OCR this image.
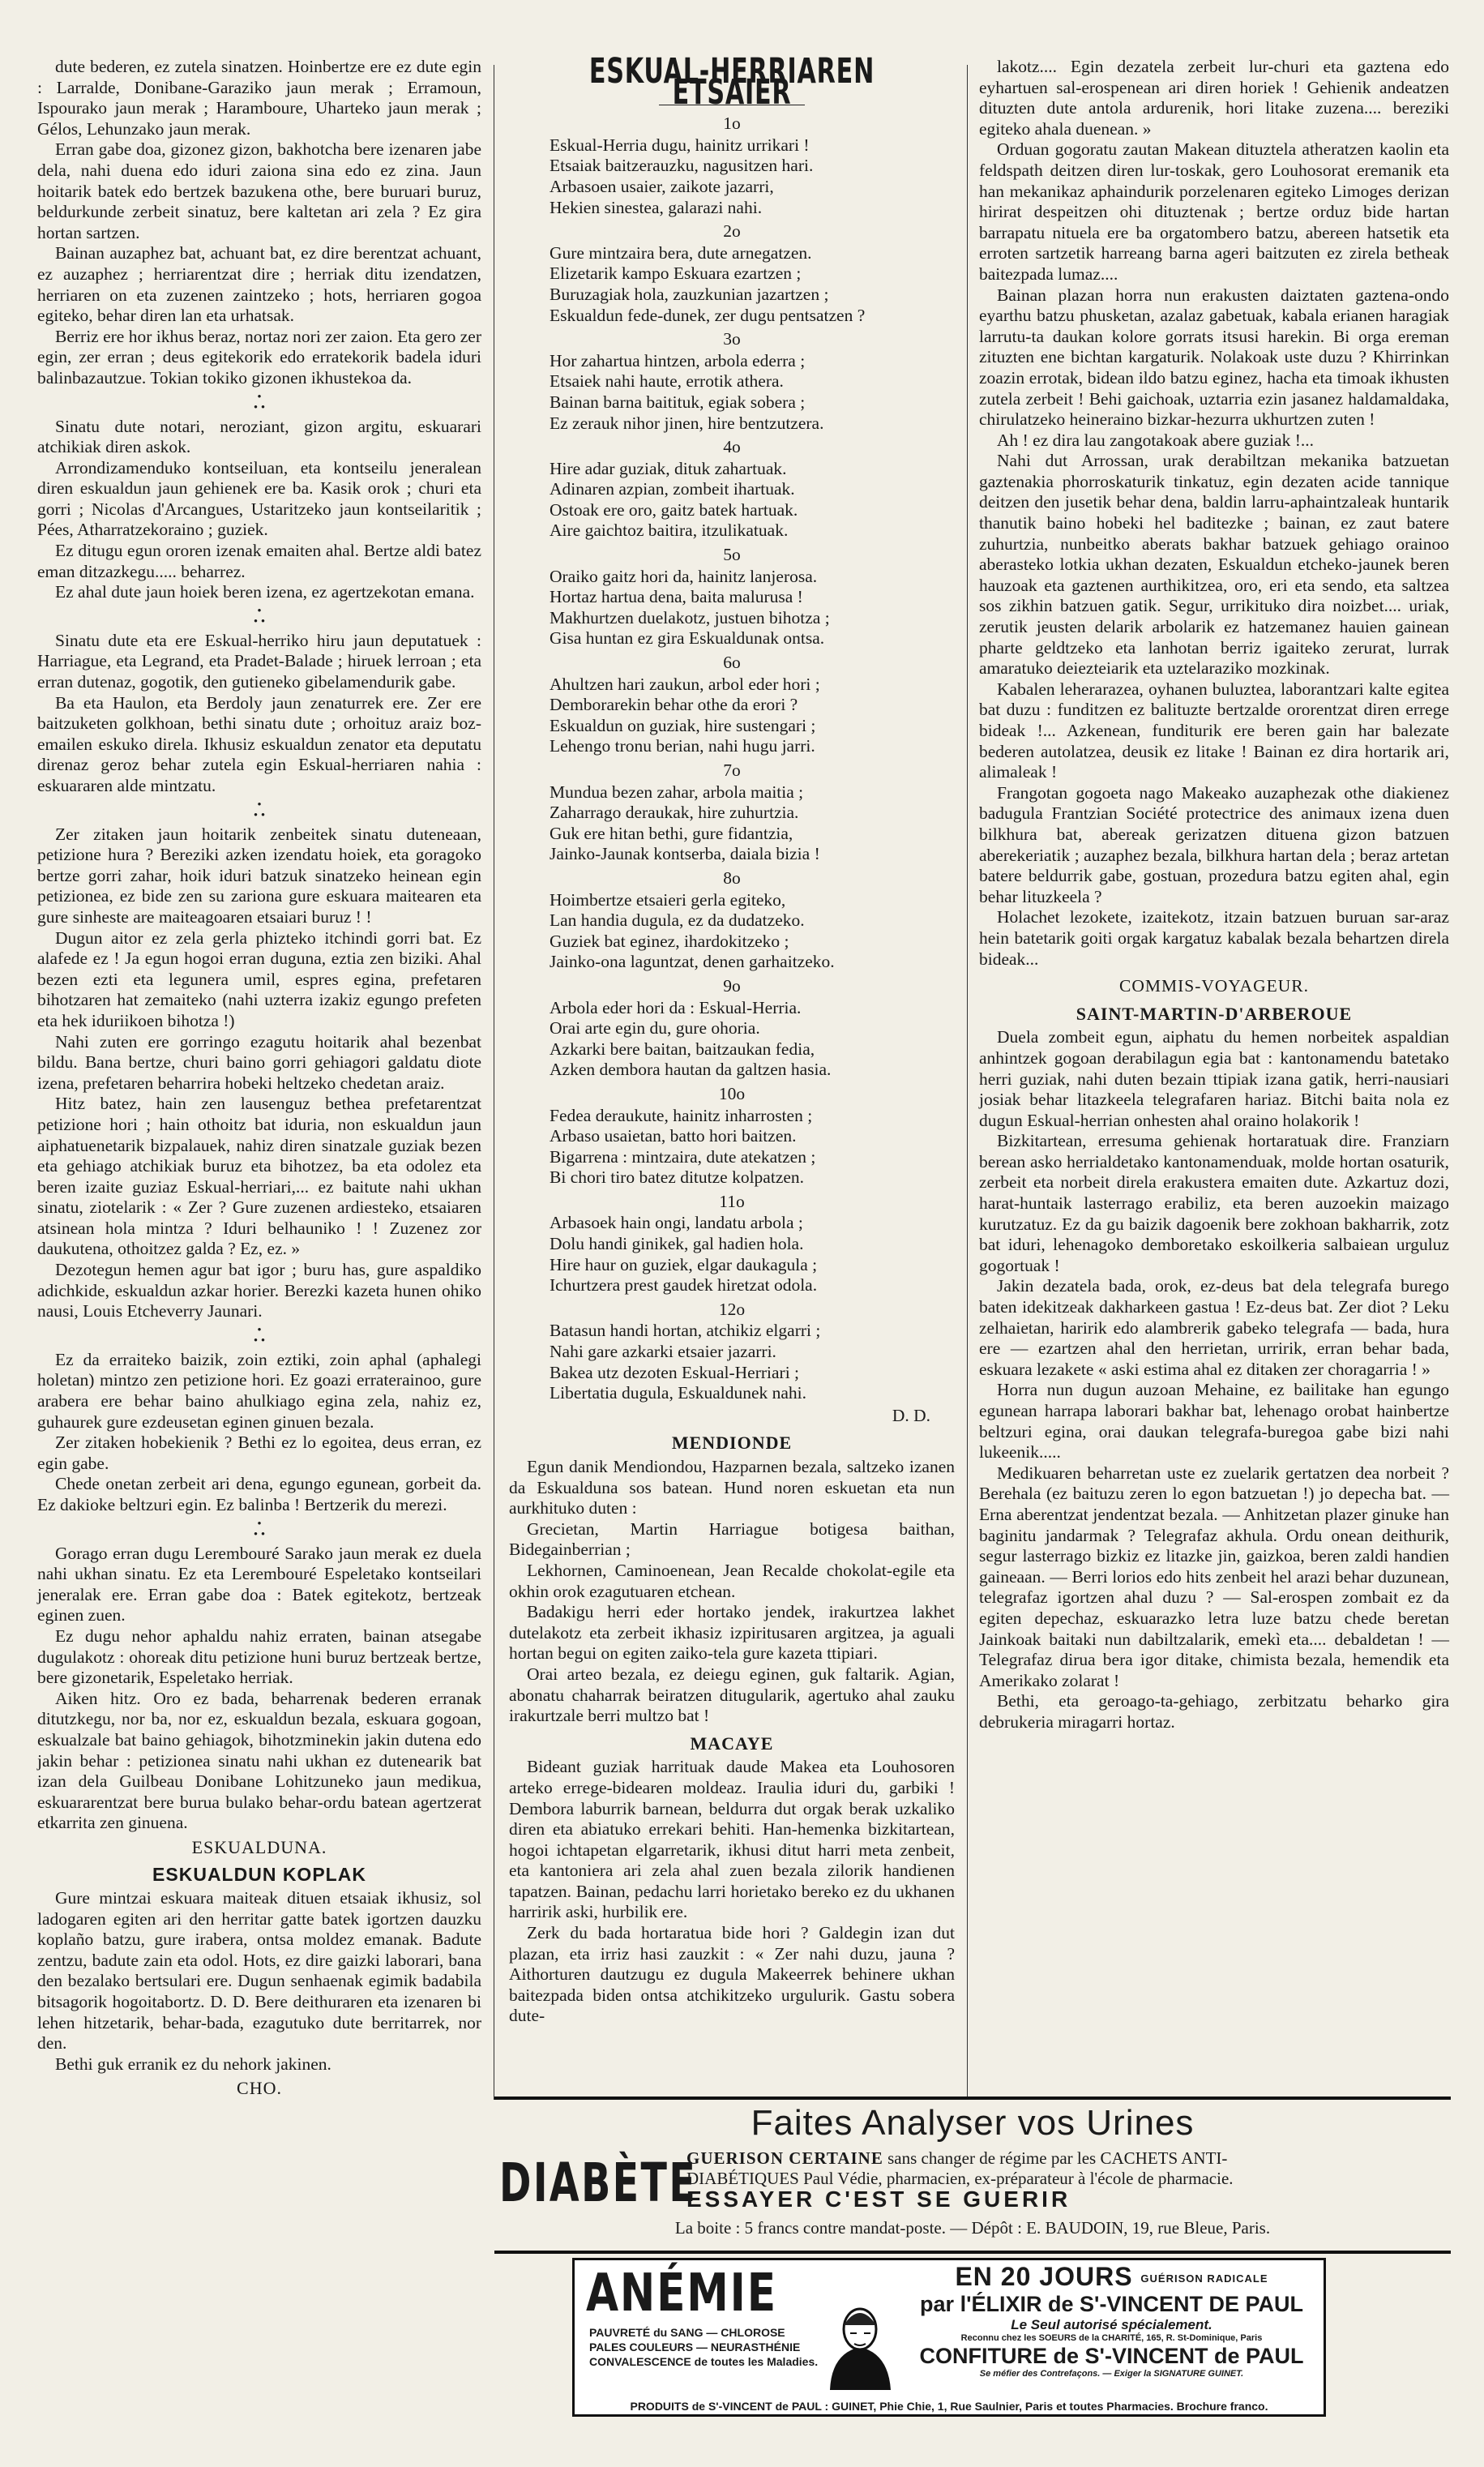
dute bederen, ez zutela sinatzen. Hoinbertze ere ez dute egin : Larralde, Donibane-Garaziko jaun merak ; Erramoun, Ispourako jaun merak ; Haramboure, Uharteko jaun merak ; Gélos, Lehunzako jaun merak.

Erran gabe doa, gizonez gizon, bakhotcha bere izenaren jabe dela, nahi duena edo iduri zaiona sina edo ez zina. Jaun hoitarik batek edo bertzek bazukena othe, bere buruari buruz, beldurkunde zerbeit sinatuz, bere kaltetan ari zela ? Ez gira hortan sartzen.

Bainan auzaphez bat, achuant bat, ez dire berentzat achuant, ez auzaphez ; herriarentzat dire ; herriak ditu izendatzen, herriaren on eta zuzenen zaintzeko ; hots, herriaren gogoa egiteko, behar diren lan eta urhatsak.

Berriz ere hor ikhus beraz, nortaz nori zer zaion. Eta gero zer egin, zer erran ; deus egitekorik edo erratekorik badela iduri balinbazautzue. Tokian tokiko gizonen ikhustekoa da.

•
• •

Sinatu dute notari, neroziant, gizon argitu, eskuarari atchikiak diren askok.

Arrondizamenduko kontseiluan, eta kontseilu jeneralean diren eskualdun jaun gehienek ere ba. Kasik orok ; churi eta gorri ; Nicolas d'Arcangues, Ustaritzeko jaun kontseilaritik ; Pées, Atharratzekoraino ; guziek.

Ez ditugu egun ororen izenak emaiten ahal. Bertze aldi batez eman ditzazkegu..... beharrez.

Ez ahal dute jaun hoiek beren izena, ez agertzekotan emana.

•
• •

Sinatu dute eta ere Eskual-herriko hiru jaun deputatuek : Harriague, eta Legrand, eta Pradet-Balade ; hiruek lerroan ; eta erran dutenaz, gogotik, den gutieneko gibelamendurik gabe.

Ba eta Haulon, eta Berdoly jaun zenaturrek ere. Zer ere baitzuketen golkhoan, bethi sinatu dute ; orhoituz araiz boz-emailen eskuko direla. Ikhusiz eskualdun zenator eta deputatu direnaz geroz behar zutela egin Eskual-herriaren nahia : eskuararen alde mintzatu.

•
• •

Zer zitaken jaun hoitarik zenbeitek sinatu duteneaan, petizione hura ? Bereziki azken izendatu hoiek, eta goragoko bertze gorri zahar, hoik iduri batzuk sinatzeko heinean egin petizionea, ez bide zen su zariona gure eskuara maitearen eta gure sinheste are maiteagoaren etsaiari buruz ! !

Dugun aitor ez zela gerla phizteko itchindi gorri bat. Ez alafede ez ! Ja egun hogoi erran duguna, eztia zen biziki. Ahal bezen ezti eta legunera umil, espres egina, prefetaren bihotzaren hat zemaiteko (nahi uzterra izakiz egungo prefeten eta hek iduriikoen bihotza !)

Nahi zuten ere gorringo ezagutu hoitarik ahal bezenbat bildu. Bana bertze, churi baino gorri gehiagori galdatu diote izena, prefetaren beharrira hobeki heltzeko chedetan araiz.

Hitz batez, hain zen lausenguz bethea prefetarentzat petizione hori ; hain othoitz bat iduria, non eskualdun jaun aiphatuenetarik bizpalauek, nahiz diren sinatzale guziak bezen eta gehiago atchikiak buruz eta bihotzez, ba eta odolez eta beren izaite guziaz Eskual-herriari,... ez baitute nahi ukhan sinatu, ziotelarik : « Zer ? Gure zuzenen ardiesteko, etsaiaren atsinean hola mintza ? Iduri belhauniko ! ! Zuzenez zor daukutena, othoitzez galda ? Ez, ez. »

Dezotegun hemen agur bat igor ; buru has, gure aspaldiko adichkide, eskualdun azkar horier. Berezki kazeta hunen ohiko nausi, Louis Etcheverry Jaunari.

•
• •

Ez da erraiteko baizik, zoin eztiki, zoin aphal (aphalegi holetan) mintzo zen petizione hori. Ez goazi erraterainoo, gure arabera ere behar baino ahulkiago egina zela, nahiz ez, guhaurek gure ezdeusetan eginen ginuen bezala.

Zer zitaken hobekienik ? Bethi ez lo egoitea, deus erran, ez egin gabe.

Chede onetan zerbeit ari dena, egungo egunean, gorbeit da. Ez dakioke beltzuri egin. Ez balinba ! Bertzerik du merezi.

•
• •

Gorago erran dugu Lerembouré Sarako jaun merak ez duela nahi ukhan sinatu. Ez eta Lerembouré Espeletako kontseilari jeneralak ere. Erran gabe doa : Batek egitekotz, bertzeak eginen zuen.

Ez dugu nehor aphaldu nahiz erraten, bainan atsegabe dugulakotz : ohoreak ditu petizione huni buruz bertzeak bertze, bere gizonetarik, Espeletako herriak.

Aiken hitz. Oro ez bada, beharrenak bederen erranak ditutzkegu, nor ba, nor ez, eskualdun bezala, eskuara gogoan, eskualzale bat baino gehiagok, bihotzminekin jakin dutena edo jakin behar : petizionea sinatu nahi ukhan ez dutenearik bat izan dela Guilbeau Donibane Lohitzuneko jaun medikua, eskuararentzat bere burua bulako behar-ordu batean agertzerat etkarrita zen ginuena.

ESKUALDUNA.
ESKUALDUN KOPLAK

Gure mintzai eskuara maiteak dituen etsaiak ikhusiz, sol ladogaren egiten ari den herritar gatte batek igortzen dauzku koplaño batzu, gure irabera, ontsa moldez emanak. Badute zentzu, badute zain eta odol. Hots, ez dire gaizki laborari, bana den bezalako bertsulari ere. Dugun senhaenak egimik badabila bitsagorik hogoitabortz. D. D. Bere deithuraren eta izenaren bi lehen hitzetarik, behar-bada, ezagutuko dute berritarrek, nor den.

Bethi guk erranik ez du nehork jakinen.

CHO.
ESKUAL-HERRIAREN ETSAIER
1o
Eskual-Herria dugu, hainitz urrikari !
Etsaiak baitzerauzku, nagusitzen hari.
Arbasoen usaier, zaikote jazarri,
Hekien sinestea, galarazi nahi.
2o
Gure mintzaira bera, dute arnegatzen.
Elizetarik kampo Eskuara ezartzen ;
Buruzagiak hola, zauzkunian jazartzen ;
Eskualdun fede-dunek, zer dugu pentsatzen ?
3o
Hor zahartua hintzen, arbola ederra ;
Etsaiek nahi haute, errotik athera.
Bainan barna baitituk, egiak sobera ;
Ez zerauk nihor jinen, hire bentzutzera.
4o
Hire adar guziak, dituk zahartuak.
Adinaren azpian, zombeit ihartuak.
Ostoak ere oro, gaitz batek hartuak.
Aire gaichtoz baitira, itzulikatuak.
5o
Oraiko gaitz hori da, hainitz lanjerosa.
Hortaz hartua dena, baita malurusa !
Makhurtzen duelakotz, justuen bihotza ;
Gisa huntan ez gira Eskualdunak ontsa.
6o
Ahultzen hari zaukun, arbol eder hori ;
Demborarekin behar othe da erori ?
Eskualdun on guziak, hire sustengari ;
Lehengo tronu berian, nahi hugu jarri.
7o
Mundua bezen zahar, arbola maitia ;
Zaharrago deraukak, hire zuhurtzia.
Guk ere hitan bethi, gure fidantzia,
Jainko-Jaunak kontserba, daiala bizia !
8o
Hoimbertze etsaieri gerla egiteko,
Lan handia dugula, ez da dudatzeko.
Guziek bat eginez, ihardokitzeko ;
Jainko-ona laguntzat, denen garhaitzeko.
9o
Arbola eder hori da : Eskual-Herria.
Orai arte egin du, gure ohoria.
Azkarki bere baitan, baitzaukan fedia,
Azken dembora hautan da galtzen hasia.
10o
Fedea deraukute, hainitz inharrosten ;
Arbaso usaietan, batto hori baitzen.
Bigarrena : mintzaira, dute atekatzen ;
Bi chori tiro batez ditutze kolpatzen.
11o
Arbasoek hain ongi, landatu arbola ;
Dolu handi ginikek, gal hadien hola.
Hire haur on guziek, elgar daukagula ;
Ichurtzera prest gaudek hiretzat odola.
12o
Batasun handi hortan, atchikiz elgarri ;
Nahi gare azkarki etsaier jazarri.
Bakea utz dezoten Eskual-Herriari ;
Libertatia dugula, Eskualdunek nahi.
D. D.
MENDIONDE

Egun danik Mendiondou, Hazparnen bezala, saltzeko izanen da Eskualduna sos batean. Hund noren eskuetan eta nun aurkhituko duten :

Grecietan, Martin Harriague botigesa baithan, Bidegainberrian ;

Lekhornen, Caminoenean, Jean Recalde chokolat-egile eta okhin orok ezagutuaren etchean.

Badakigu herri eder hortako jendek, irakurtzea lakhet dutelakotz eta zerbeit ikhasiz izpiritusaren argitzea, ja aguali hortan begui on egiten zaiko-tela gure kazeta ttipiari.

Orai arteo bezala, ez deiegu eginen, guk faltarik. Agian, abonatu chaharrak beiratzen ditugularik, agertuko ahal zauku irakurtzale berri multzo bat !

MACAYE

Bideant guziak harrituak daude Makea eta Louhosoren arteko errege-bidearen moldeaz. Iraulia iduri du, garbiki ! Dembora laburrik barnean, beldurra dut orgak berak uzkaliko diren eta abiatuko errekari behiti. Han-hemenka bizkitartean, hogoi ichtapetan elgarretarik, ikhusi ditut harri meta zenbeit, eta kantoniera ari zela ahal zuen bezala zilorik handienen tapatzen. Bainan, pedachu larri horietako bereko ez du ukhanen harririk aski, hurbilik ere.

Zerk du bada hortaratua bide hori ? Galdegin izan dut plazan, eta irriz hasi zauzkit : « Zer nahi duzu, jauna ? Aithorturen dautzugu ez dugula Makeerrek behinere ukhan baitezpada biden ontsa atchikitzeko urgulurik. Gastu sobera dute-

lakotz.... Egin dezatela zerbeit lur-churi eta gaztena edo eyhartuen sal-erospenean ari diren horiek ! Gehienik andeatzen dituzten dute antola ardurenik, hori litake zuzena.... bereziki egiteko ahala duenean. »

Orduan gogoratu zautan Makean dituztela atheratzen kaolin eta feldspath deitzen diren lur-toskak, gero Louhosorat eremanik eta han mekanikaz aphaindurik porzelenaren egiteko Limoges derizan hirirat despeitzen ohi dituztenak ; bertze orduz bide hartan barrapatu nituela ere ba orgatombero batzu, abereen hatsetik eta erroten sartzetik harreang barna ageri baitzuten ez zirela betheak baitezpada lumaz....

Bainan plazan horra nun erakusten daiztaten gaztena-ondo eyarthu batzu phusketan, azalaz gabetuak, kabala erianen haragiak larrutu-ta daukan kolore gorrats itsusi harekin. Bi orga ereman zituzten ene bichtan kargaturik. Nolakoak uste duzu ? Khirrinkan zoazin errotak, bidean ildo batzu eginez, hacha eta timoak ikhusten zutela zerbeit ! Behi gaichoak, uztarria ezin jasanez haldamaldaka, chirulatzeko heineraino bizkar-hezurra ukhurtzen zuten !

Ah ! ez dira lau zangotakoak abere guziak !...

Nahi dut Arrossan, urak derabiltzan mekanika batzuetan gaztenakia phorroskaturik tinkatuz, egin dezaten acide tannique deitzen den jusetik behar dena, baldin larru-aphaintzaleak huntarik thanutik baino hobeki hel baditezke ; bainan, ez zaut batere zuhurtzia, nunbeitko aberats bakhar batzuek gehiago orainoo aberasteko lotkia ukhan dezaten, Eskualdun etcheko-jaunek beren hauzoak eta gaztenen aurthikitzea, oro, eri eta sendo, eta saltzea sos zikhin batzuen gatik. Segur, urrikituko dira noizbet.... uriak, zerutik jeusten delarik arbolarik ez hatzemanez hauien gainean pharte geldtzeko eta lanhotan berriz igaiteko zerurat, lurrak amaratuko deiezteiarik eta uztelaraziko mozkinak.

Kabalen leherarazea, oyhanen buluztea, laborantzari kalte egitea bat duzu : funditzen ez balituzte bertzalde ororentzat diren errege bideak !... Azkenean, funditurik ere beren gain har balezate bederen autolatzea, deusik ez litake ! Bainan ez dira hortarik ari, alimaleak !

Frangotan gogoeta nago Makeako auzaphezak othe diakienez badugula Frantzian Société protectrice des animaux izena duen bilkhura bat, abereak gerizatzen dituena gizon batzuen aberekeriatik ; auzaphez bezala, bilkhura hartan dela ; beraz artetan batere beldurrik gabe, gostuan, prozedura batzu egiten ahal, egin behar lituzkeela ?

Holachet lezokete, izaitekotz, itzain batzuen buruan sar-araz hein batetarik goiti orgak kargatuz kabalak bezala behartzen direla bideak...

COMMIS-VOYAGEUR.
SAINT-MARTIN-D'ARBEROUE

Duela zombeit egun, aiphatu du hemen norbeitek aspaldian anhintzek gogoan derabilagun egia bat : kantonamendu batetako herri guziak, nahi duten bezain ttipiak izana gatik, herri-nausiari josiak behar litazkeela telegrafaren hariaz. Bitchi baita nola ez dugun Eskual-herrian onhesten ahal oraino holakorik !

Bizkitartean, erresuma gehienak hortaratuak dire. Franziarn berean asko herrialdetako kantonamenduak, molde hortan osaturik, zerbeit eta norbeit direla erakustera emaiten dute. Azkartuz dozi, harat-huntaik lasterrago erabiliz, eta beren auzoekin maizago kurutzatuz. Ez da gu baizik dagoenik bere zokhoan bakharrik, zotz bat iduri, lehenagoko demboretako eskoilkeria salbaiean urguluz gogortuak !

Jakin dezatela bada, orok, ez-deus bat dela telegrafa burego baten idekitzeak dakharkeen gastua ! Ez-deus bat. Zer diot ? Leku zelhaietan, haririk edo alambrerik gabeko telegrafa — bada, hura ere — ezartzen ahal den herrietan, urririk, erran behar bada, eskuara lezakete « aski estima ahal ez ditaken zer choragarria ! »

Horra nun dugun auzoan Mehaine, ez bailitake han egungo egunean harrapa laborari bakhar bat, lehenago orobat hainbertze beltzuri egina, orai daukan telegrafa-buregoa gabe bizi nahi lukeenik.....

Medikuaren beharretan uste ez zuelarik gertatzen dea norbeit ? Berehala (ez baituzu zeren lo egon batzuetan !) jo depecha bat. — Erna aberentzat jendentzat bezala. — Anhitzetan plazer ginuke han baginitu jandarmak ? Telegrafaz akhula. Ordu onean deithurik, segur lasterrago bizkiz ez litazke jin, gaizkoa, beren zaldi handien gaineaan. — Berri lorios edo hits zenbeit hel arazi behar duzunean, telegrafaz igortzen ahal duzu ? — Sal-erospen zombait ez da egiten depechaz, eskuarazko letra luze batzu chede beretan Jainkoak baitaki nun dabiltzalarik, emekì eta.... debaldetan ! — Telegrafaz dirua bera igor ditake, chimista bezala, hemendik eta Amerikako zolarat !

Bethi, eta geroago-ta-gehiago, zerbitzatu beharko gira debrukeria miragarri hortaz.

Faites Analyser vos Urines
DIABÈTE
GUERISON CERTAINE sans changer de régime par les CACHETS ANTI-
DIABÉTIQUES Paul Védie, pharmacien, ex-préparateur à l'école de pharmacie.
ESSAYER C'EST SE GUERIR
La boite : 5 francs contre mandat-poste. — Dépôt : E. BAUDOIN, 19, rue Bleue, Paris.
ANÉMIE
PAUVRETÉ du SANG — CHLOROSE
PALES COULEURS — NEURASTHÉNIE
CONVALESCENCE de toutes les Maladies.
EN 20 JOURS GUÉRISON RADICALE
par l'ÉLIXIR de S'-VINCENT DE PAUL
Le Seul autorisé spécialement.
Reconnu chez les SOEURS de la CHARITÉ, 165, R. St-Dominique, Paris
CONFITURE de S'-VINCENT de PAUL
Se méfier des Contrefaçons. — Exiger la SIGNATURE GUINET.
PRODUITS de S'-VINCENT de PAUL : GUINET, Phie Chie, 1, Rue Saulnier, Paris et toutes Pharmacies. Brochure franco.
